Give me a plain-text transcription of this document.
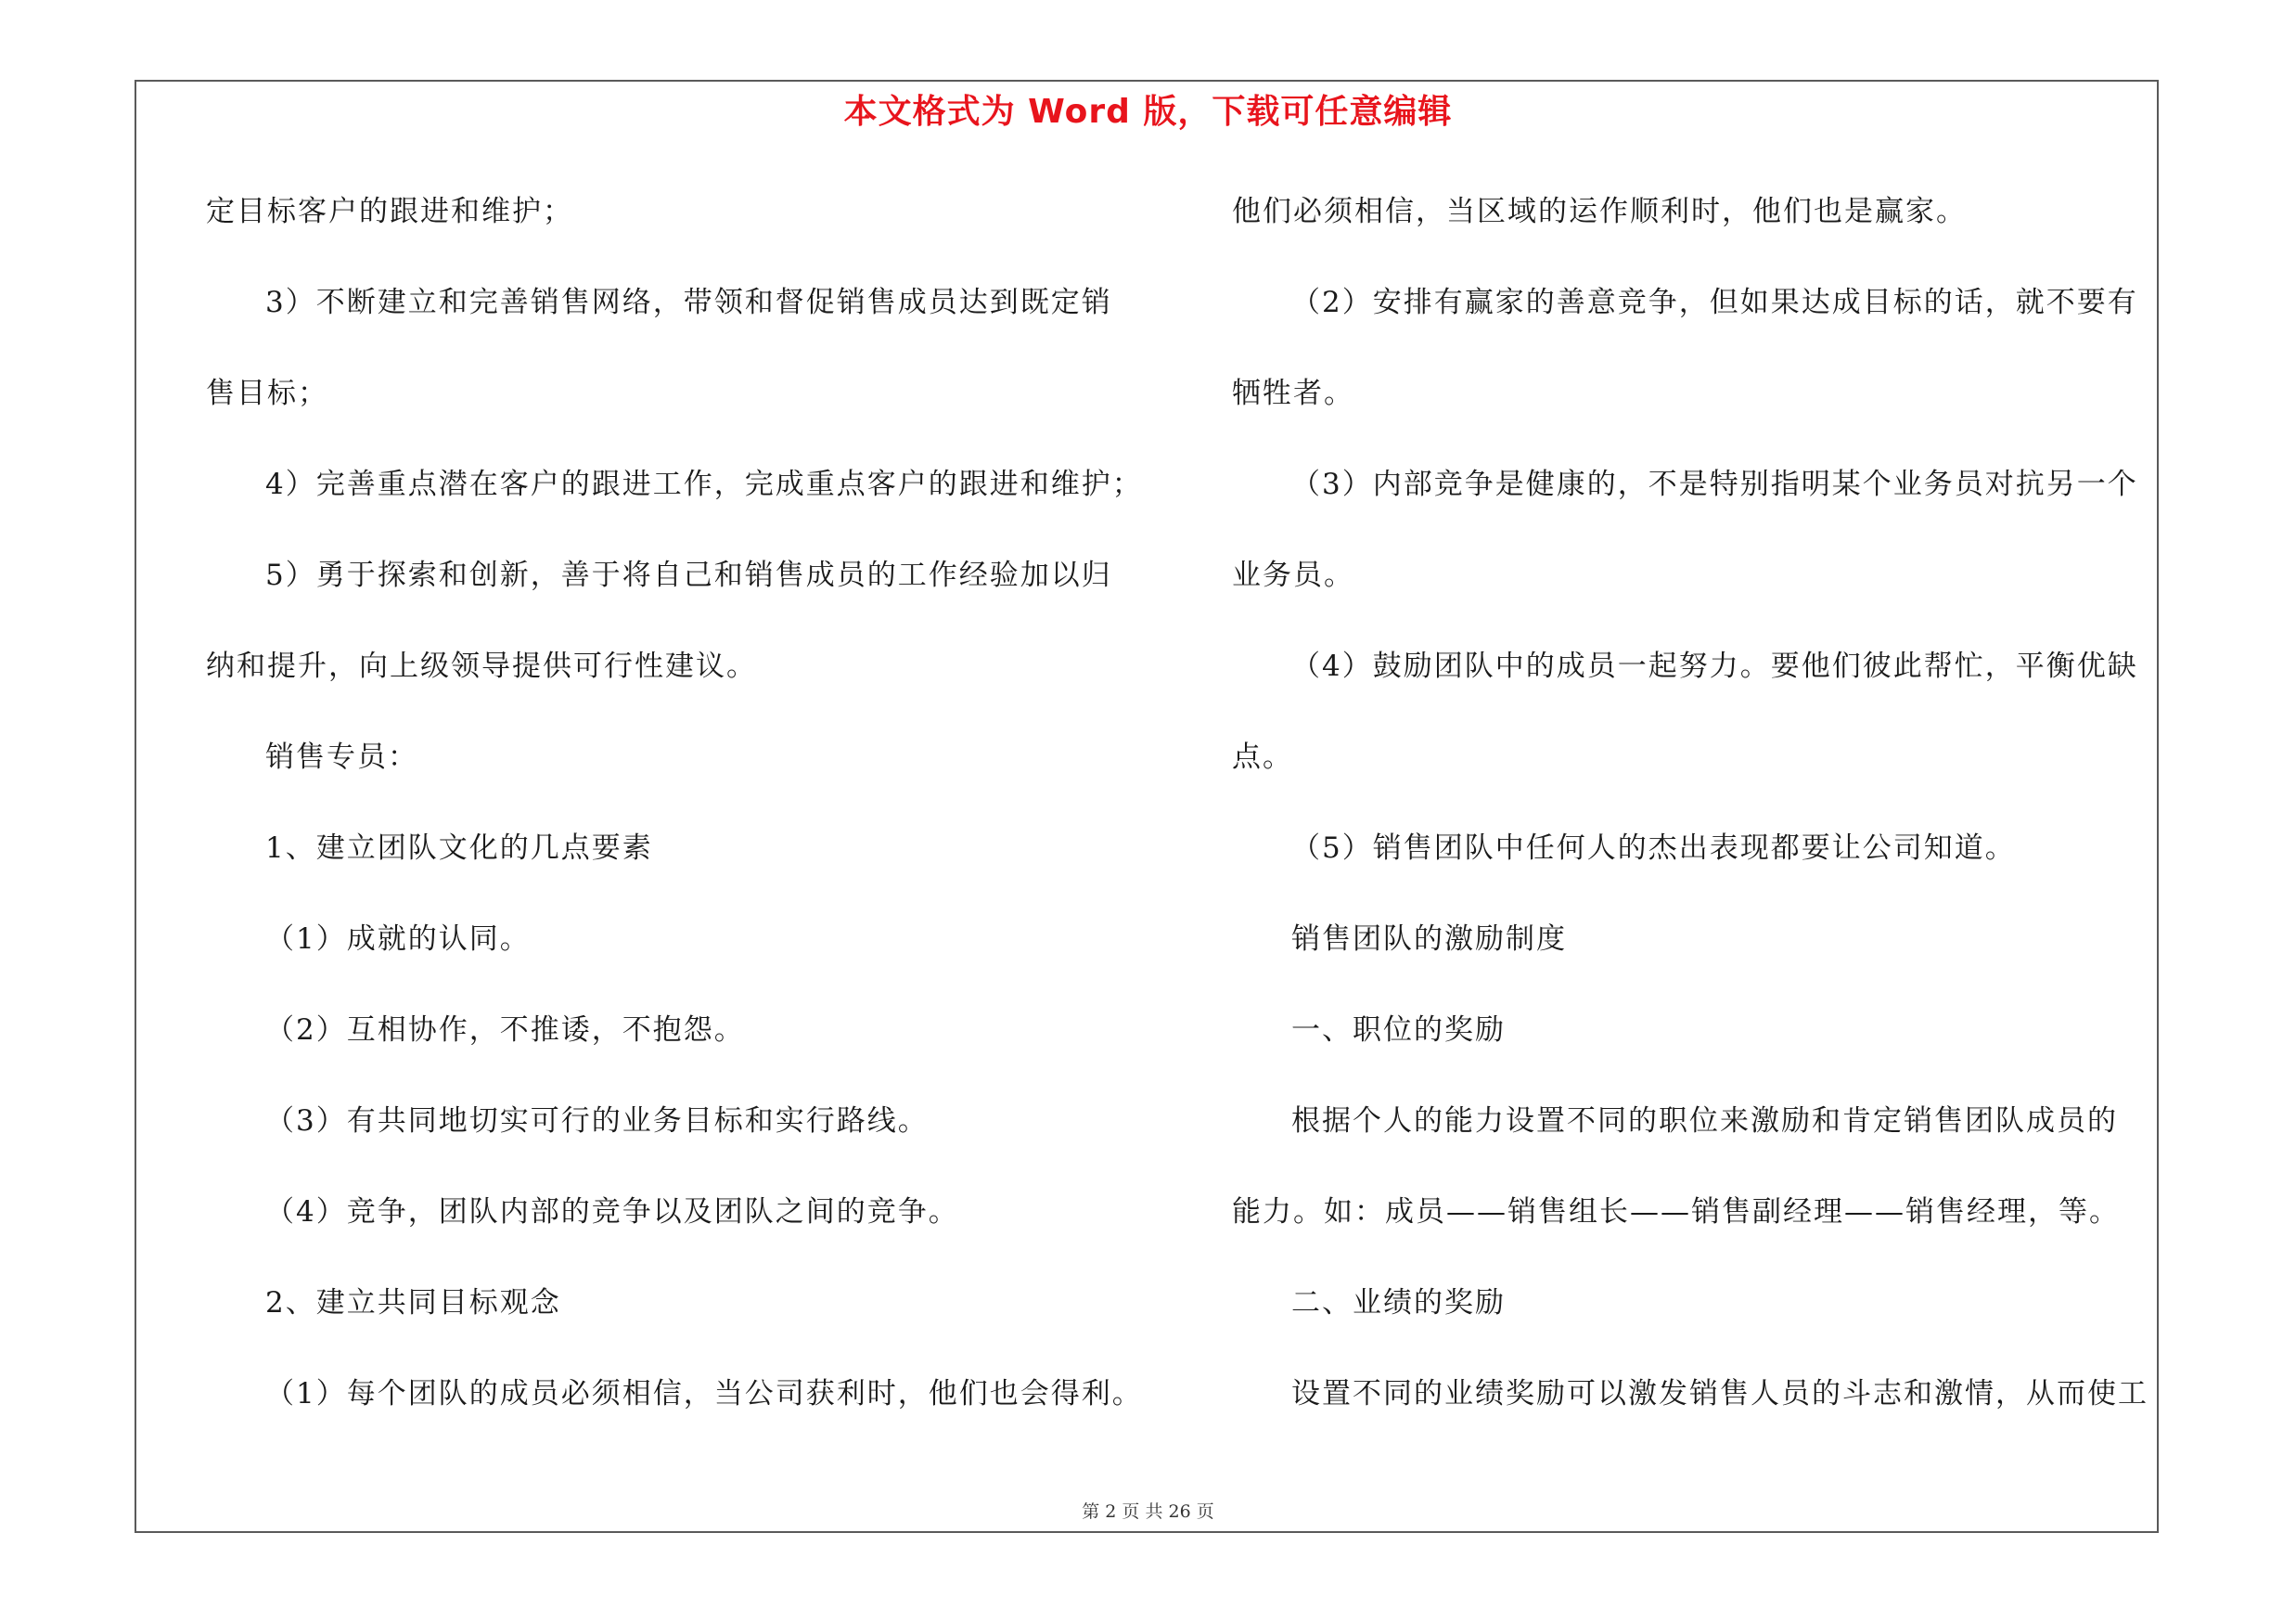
本文格式为 Word 版，下载可任意编辑
定目标客户的跟进和维护；
3）不断建立和完善销售网络，带领和督促销售成员达到既定销
售目标；
4）完善重点潜在客户的跟进工作，完成重点客户的跟进和维护；
5）勇于探索和创新，善于将自己和销售成员的工作经验加以归
纳和提升，向上级领导提供可行性建议。
销售专员：
1、建立团队文化的几点要素
（1）成就的认同。
（2）互相协作，不推诿，不抱怨。
（3）有共同地切实可行的业务目标和实行路线。
（4）竞争，团队内部的竞争以及团队之间的竞争。
2、建立共同目标观念
（1）每个团队的成员必须相信，当公司获利时，他们也会得利。
他们必须相信，当区域的运作顺利时，他们也是赢家。
（2）安排有赢家的善意竞争，但如果达成目标的话，就不要有
牺牲者。
（3）内部竞争是健康的，不是特别指明某个业务员对抗另一个
业务员。
（4）鼓励团队中的成员一起努力。要他们彼此帮忙，平衡优缺
点。
（5）销售团队中任何人的杰出表现都要让公司知道。
销售团队的激励制度
一、职位的奖励
根据个人的能力设置不同的职位来激励和肯定销售团队成员的
能力。如：成员——销售组长——销售副经理——销售经理，等。
二、业绩的奖励
设置不同的业绩奖励可以激发销售人员的斗志和激情，从而使工
第 2 页 共 26 页
